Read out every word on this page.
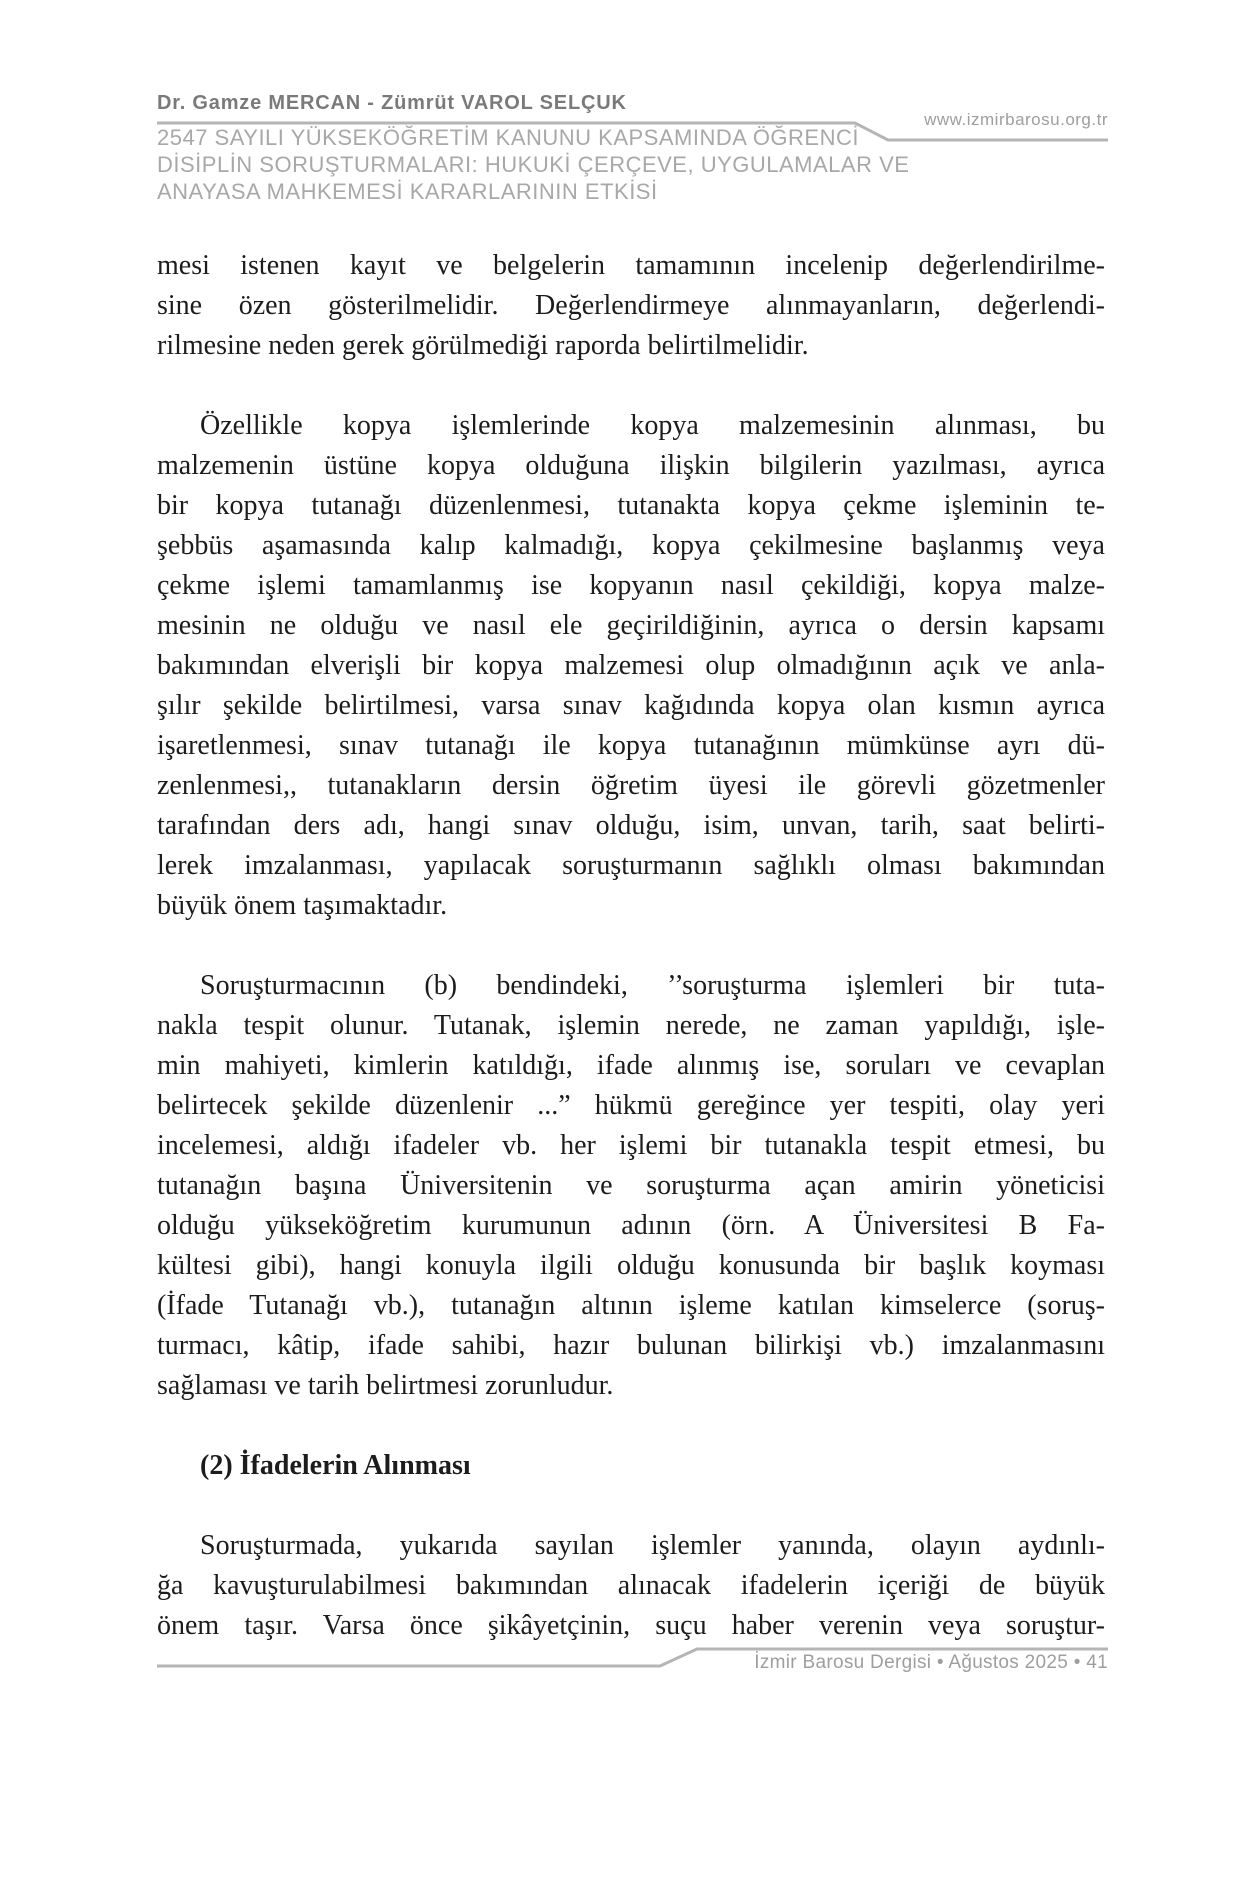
Dr. Gamze MERCAN - Zümrüt VAROL SELÇUK
www.izmirbarosu.org.tr
2547 SAYILI YÜKSEKÖĞRETİM KANUNU KAPSAMINDA ÖĞRENCİ
DİSİPLİN SORUŞTURMALARI: HUKUKİ ÇERÇEVE, UYGULAMALAR VE
ANAYASA MAHKEMESİ KARARLARININ ETKİSİ
mesi istenen kayıt ve belgelerin tamamının incelenip değerlendirilme-
sine özen gösterilmelidir. Değerlendirmeye alınmayanların, değerlendi-
rilmesine neden gerek görülmediği raporda belirtilmelidir.
Özellikle kopya işlemlerinde kopya malzemesinin alınması, bu
malzemenin üstüne kopya olduğuna ilişkin bilgilerin yazılması, ayrıca
bir kopya tutanağı düzenlenmesi, tutanakta kopya çekme işleminin te-
şebbüs aşamasında kalıp kalmadığı, kopya çekilmesine başlanmış veya
çekme işlemi tamamlanmış ise kopyanın nasıl çekildiği, kopya malze-
mesinin ne olduğu ve nasıl ele geçirildiğinin, ayrıca o dersin kapsamı
bakımından elverişli bir kopya malzemesi olup olmadığının açık ve anla-
şılır şekilde belirtilmesi, varsa sınav kağıdında kopya olan kısmın ayrıca
işaretlenmesi, sınav tutanağı ile kopya tutanağının mümkünse ayrı dü-
zenlenmesi,, tutanakların dersin öğretim üyesi ile görevli gözetmenler
tarafından ders adı, hangi sınav olduğu, isim, unvan, tarih, saat belirti-
lerek imzalanması, yapılacak soruşturmanın sağlıklı olması bakımından
büyük önem taşımaktadır.
Soruşturmacının (b) bendindeki, ’’soruşturma işlemleri bir tuta-
nakla tespit olunur. Tutanak, işlemin nerede, ne zaman yapıldığı, işle-
min mahiyeti, kimlerin katıldığı, ifade alınmış ise, soruları ve cevaplan
belirtecek şekilde düzenlenir ...” hükmü gereğince yer tespiti, olay yeri
incelemesi, aldığı ifadeler vb. her işlemi bir tutanakla tespit etmesi, bu
tutanağın başına Üniversitenin ve soruşturma açan amirin yöneticisi
olduğu yükseköğretim kurumunun adının (örn. A Üniversitesi B Fa-
kültesi gibi), hangi konuyla ilgili olduğu konusunda bir başlık koyması
(İfade Tutanağı vb.), tutanağın altının işleme katılan kimselerce (soruş-
turmacı, kâtip, ifade sahibi, hazır bulunan bilirkişi vb.) imzalanmasını
sağlaması ve tarih belirtmesi zorunludur.
(2) İfadelerin Alınması
Soruşturmada, yukarıda sayılan işlemler yanında, olayın aydınlı-
ğa kavuşturulabilmesi bakımından alınacak ifadelerin içeriği de büyük
önem taşır. Varsa önce şikâyetçinin, suçu haber verenin veya soruştur-
İzmir Barosu Dergisi • Ağustos 2025 • 41
